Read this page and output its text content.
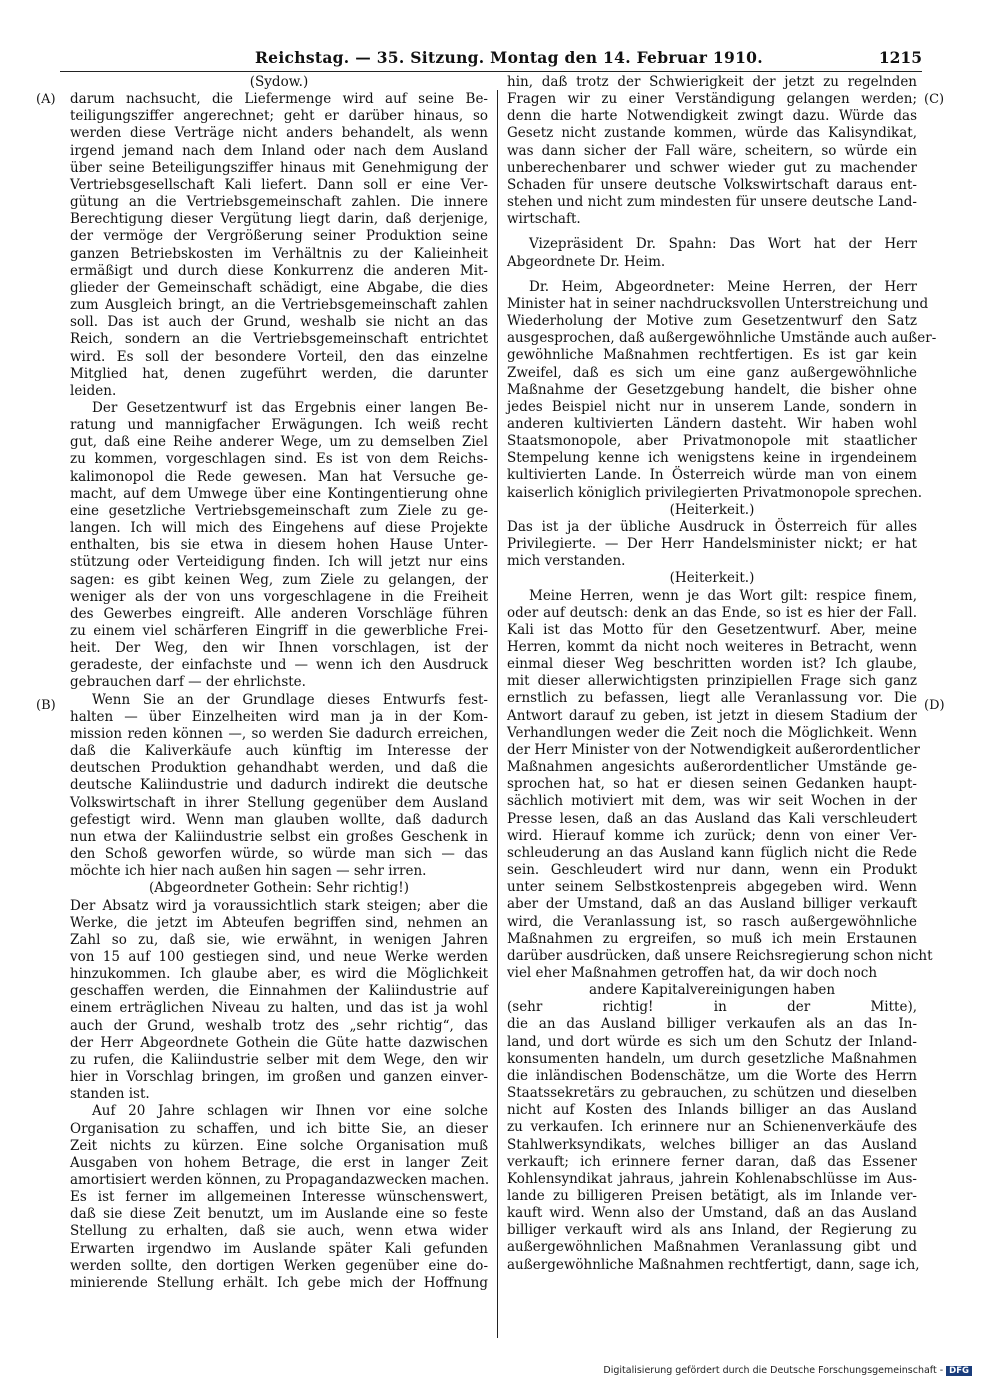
Reichstag. — 35. Sitzung. Montag den 14. Februar 1910.	1215
(A)
(B)
(C)
(D)
(Sydow.)
darum nachsucht, die Liefermenge wird auf seine Be-
teiligungsziffer angerechnet; geht er darüber hinaus, so
werden diese Verträge nicht anders behandelt, als wenn
irgend jemand nach dem Inland oder nach dem Ausland
über seine Beteiligungsziffer hinaus mit Genehmigung der
Vertriebsgesellschaft Kali liefert. Dann soll er eine Ver-
gütung an die Vertriebsgemeinschaft zahlen. Die innere
Berechtigung dieser Vergütung liegt darin, daß derjenige,
der vermöge der Vergrößerung seiner Produktion seine
ganzen Betriebskosten im Verhältnis zu der Kalieinheit
ermäßigt und durch diese Konkurrenz die anderen Mit-
glieder der Gemeinschaft schädigt, eine Abgabe, die dies
zum Ausgleich bringt, an die Vertriebsgemeinschaft zahlen
soll. Das ist auch der Grund, weshalb sie nicht an das
Reich, sondern an die Vertriebsgemeinschaft entrichtet
wird. Es soll der besondere Vorteil, den das einzelne
Mitglied hat, denen zugeführt werden, die darunter
leiden.
Der Gesetzentwurf ist das Ergebnis einer langen Be-
ratung und mannigfacher Erwägungen. Ich weiß recht
gut, daß eine Reihe anderer Wege, um zu demselben Ziel
zu kommen, vorgeschlagen sind. Es ist von dem Reichs-
kalimonopol die Rede gewesen. Man hat Versuche ge-
macht, auf dem Umwege über eine Kontingentierung ohne
eine gesetzliche Vertriebsgemeinschaft zum Ziele zu ge-
langen. Ich will mich des Eingehens auf diese Projekte
enthalten, bis sie etwa in diesem hohen Hause Unter-
stützung oder Verteidigung finden. Ich will jetzt nur eins
sagen: es gibt keinen Weg, zum Ziele zu gelangen, der
weniger als der von uns vorgeschlagene in die Freiheit
des Gewerbes eingreift. Alle anderen Vorschläge führen
zu einem viel schärferen Eingriff in die gewerbliche Frei-
heit. Der Weg, den wir Ihnen vorschlagen, ist der
geradeste, der einfachste und — wenn ich den Ausdruck
gebrauchen darf — der ehrlichste.
Wenn Sie an der Grundlage dieses Entwurfs fest-
halten — über Einzelheiten wird man ja in der Kom-
mission reden können —, so werden Sie dadurch erreichen,
daß die Kaliverkäufe auch künftig im Interesse der
deutschen Produktion gehandhabt werden, und daß die
deutsche Kaliindustrie und dadurch indirekt die deutsche
Volkswirtschaft in ihrer Stellung gegenüber dem Ausland
gefestigt wird. Wenn man glauben wollte, daß dadurch
nun etwa der Kaliindustrie selbst ein großes Geschenk in
den Schoß geworfen würde, so würde man sich — das
möchte ich hier nach außen hin sagen — sehr irren.
(Abgeordneter Gothein: Sehr richtig!)
Der Absatz wird ja voraussichtlich stark steigen; aber die
Werke, die jetzt im Abteufen begriffen sind, nehmen an
Zahl so zu, daß sie, wie erwähnt, in wenigen Jahren
von 15 auf 100 gestiegen sind, und neue Werke werden
hinzukommen. Ich glaube aber, es wird die Möglichkeit
geschaffen werden, die Einnahmen der Kaliindustrie auf
einem erträglichen Niveau zu halten, und das ist ja wohl
auch der Grund, weshalb trotz des „sehr richtig“, das
der Herr Abgeordnete Gothein die Güte hatte dazwischen
zu rufen, die Kaliindustrie selber mit dem Wege, den wir
hier in Vorschlag bringen, im großen und ganzen einver-
standen ist.
Auf 20 Jahre schlagen wir Ihnen vor eine solche
Organisation zu schaffen, und ich bitte Sie, an dieser
Zeit nichts zu kürzen. Eine solche Organisation muß
Ausgaben von hohem Betrage, die erst in langer Zeit
amortisiert werden können, zu Propagandazwecken machen.
Es ist ferner im allgemeinen Interesse wünschenswert,
daß sie diese Zeit benutzt, um im Auslande eine so feste
Stellung zu erhalten, daß sie auch, wenn etwa wider
Erwarten irgendwo im Auslande später Kali gefunden
werden sollte, den dortigen Werken gegenüber eine do-
minierende Stellung erhält. Ich gebe mich der Hoffnung
hin, daß trotz der Schwierigkeit der jetzt zu regelnden
Fragen wir zu einer Verständigung gelangen werden;
denn die harte Notwendigkeit zwingt dazu. Würde das
Gesetz nicht zustande kommen, würde das Kalisyndikat,
was dann sicher der Fall wäre, scheitern, so würde ein
unberechenbarer und schwer wieder gut zu machender
Schaden für unsere deutsche Volkswirtschaft daraus ent-
stehen und nicht zum mindesten für unsere deutsche Land-
wirtschaft.
Vizepräsident Dr. Spahn: Das Wort hat der Herr
Abgeordnete Dr. Heim.
Dr. Heim, Abgeordneter: Meine Herren, der Herr
Minister hat in seiner nachdrucksvollen Unterstreichung und
Wiederholung der Motive zum Gesetzentwurf den Satz
ausgesprochen, daß außergewöhnliche Umstände auch außer-
gewöhnliche Maßnahmen rechtfertigen. Es ist gar kein
Zweifel, daß es sich um eine ganz außergewöhnliche
Maßnahme der Gesetzgebung handelt, die bisher ohne
jedes Beispiel nicht nur in unserem Lande, sondern in
anderen kultivierten Ländern dasteht. Wir haben wohl
Staatsmonopole, aber Privatmonopole mit staatlicher
Stempelung kenne ich wenigstens keine in irgendeinem
kultivierten Lande. In Österreich würde man von einem
kaiserlich königlich privilegierten Privatmonopole sprechen.
(Heiterkeit.)
Das ist ja der übliche Ausdruck in Österreich für alles
Privilegierte. — Der Herr Handelsminister nickt; er hat
mich verstanden.
(Heiterkeit.)
Meine Herren, wenn je das Wort gilt: respice finem,
oder auf deutsch: denk an das Ende, so ist es hier der Fall.
Kali ist das Motto für den Gesetzentwurf. Aber, meine
Herren, kommt da nicht noch weiteres in Betracht, wenn
einmal dieser Weg beschritten worden ist? Ich glaube,
mit dieser allerwichtigsten prinzipiellen Frage sich ganz
ernstlich zu befassen, liegt alle Veranlassung vor. Die
Antwort darauf zu geben, ist jetzt in diesem Stadium der
Verhandlungen weder die Zeit noch die Möglichkeit. Wenn
der Herr Minister von der Notwendigkeit außerordentlicher
Maßnahmen angesichts außerordentlicher Umstände ge-
sprochen hat, so hat er diesen seinen Gedanken haupt-
sächlich motiviert mit dem, was wir seit Wochen in der
Presse lesen, daß an das Ausland das Kali verschleudert
wird. Hierauf komme ich zurück; denn von einer Ver-
schleuderung an das Ausland kann füglich nicht die Rede
sein. Geschleudert wird nur dann, wenn ein Produkt
unter seinem Selbstkostenpreis abgegeben wird. Wenn
aber der Umstand, daß an das Ausland billiger verkauft
wird, die Veranlassung ist, so rasch außergewöhnliche
Maßnahmen zu ergreifen, so muß ich mein Erstaunen
darüber ausdrücken, daß unsere Reichsregierung schon nicht
viel eher Maßnahmen getroffen hat, da wir doch noch
andere Kapitalvereinigungen haben
(sehr richtig! in der Mitte),
die an das Ausland billiger verkaufen als an das In-
land, und dort würde es sich um den Schutz der Inland-
konsumenten handeln, um durch gesetzliche Maßnahmen
die inländischen Bodenschätze, um die Worte des Herrn
Staatssekretärs zu gebrauchen, zu schützen und dieselben
nicht auf Kosten des Inlands billiger an das Ausland
zu verkaufen. Ich erinnere nur an Schienenverkäufe des
Stahlwerksyndikats, welches billiger an das Ausland
verkauft; ich erinnere ferner daran, daß das Essener
Kohlensyndikat jahraus, jahrein Kohlenabschlüsse im Aus-
lande zu billigeren Preisen betätigt, als im Inlande ver-
kauft wird. Wenn also der Umstand, daß an das Ausland
billiger verkauft wird als ans Inland, der Regierung zu
außergewöhnlichen Maßnahmen Veranlassung gibt und
außergewöhnliche Maßnahmen rechtfertigt, dann, sage ich,
Digitalisierung gefördert durch die Deutsche Forschungsgemeinschaft - DFG
